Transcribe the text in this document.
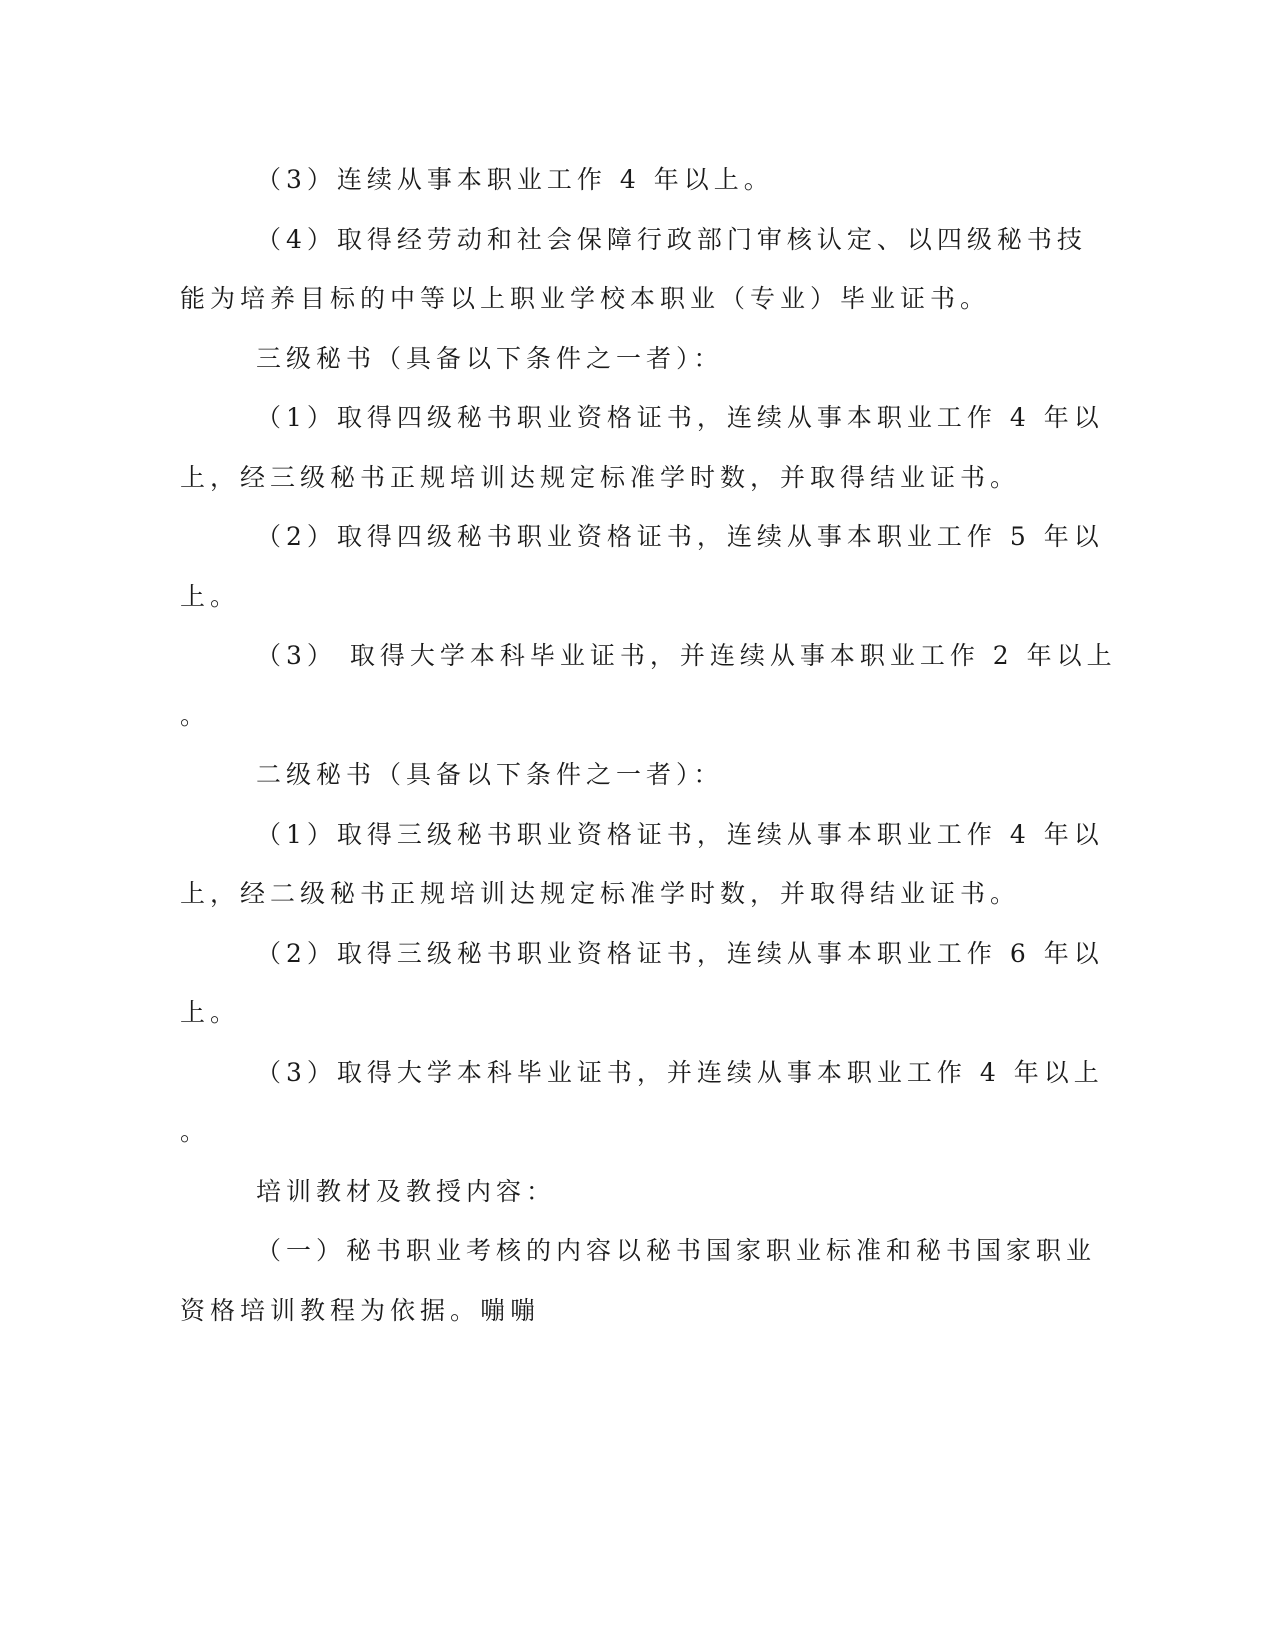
（3）连续从事本职业工作 4 年以上。
（4）取得经劳动和社会保障行政部门审核认定、以四级秘书技
能为培养目标的中等以上职业学校本职业（专业）毕业证书。
三级秘书（具备以下条件之一者）：
（1）取得四级秘书职业资格证书，连续从事本职业工作 4 年以
上，经三级秘书正规培训达规定标准学时数，并取得结业证书。
（2）取得四级秘书职业资格证书，连续从事本职业工作 5 年以
上。
（3） 取得大学本科毕业证书，并连续从事本职业工作 2 年以上
。
二级秘书（具备以下条件之一者）：
（1）取得三级秘书职业资格证书，连续从事本职业工作 4 年以
上，经二级秘书正规培训达规定标准学时数，并取得结业证书。
（2）取得三级秘书职业资格证书，连续从事本职业工作 6 年以
上。
（3）取得大学本科毕业证书，并连续从事本职业工作 4 年以上
。
培训教材及教授内容：
（一）秘书职业考核的内容以秘书国家职业标准和秘书国家职业
资格培训教程为依据。嘣嘣
